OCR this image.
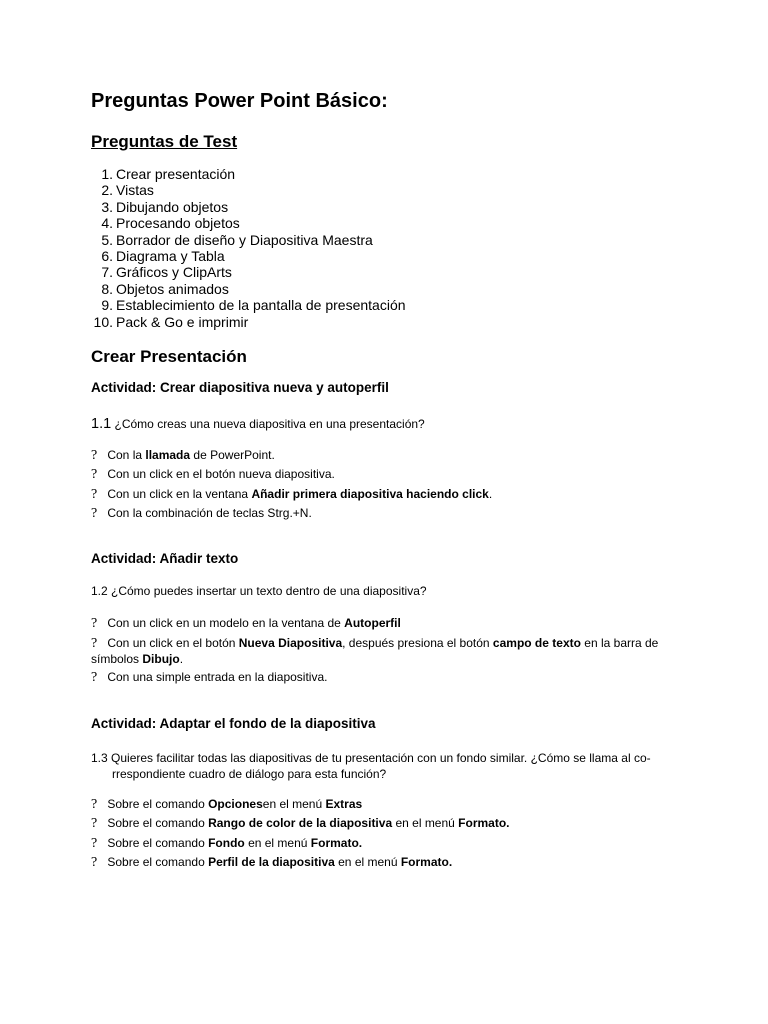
Preguntas Power Point Básico:
Preguntas de Test
1. Crear presentación
2. Vistas
3. Dibujando objetos
4. Procesando objetos
5. Borrador de diseño y Diapositiva Maestra
6. Diagrama y Tabla
7. Gráficos y ClipArts
8. Objetos animados
9. Establecimiento de la pantalla de presentación
10. Pack & Go e imprimir
Crear Presentación
Actividad: Crear diapositiva nueva y autoperfil
1.1 ¿Cómo creas una nueva diapositiva en una presentación?
? Con la llamada de PowerPoint.
? Con un click en el botón nueva diapositiva.
? Con un click en la ventana Añadir primera diapositiva haciendo click.
? Con la combinación de teclas Strg.+N.
Actividad: Añadir texto
1.2 ¿Cómo puedes insertar un texto dentro de una diapositiva?
? Con un click en un modelo en la ventana de Autoperfil
? Con un click en el botón Nueva Diapositiva, después presiona el botón campo de texto en la barra de
símbolos Dibujo.
? Con una simple entrada en la diapositiva.
Actividad: Adaptar el fondo de la diapositiva
1.3 Quieres facilitar todas las diapositivas de tu presentación con un fondo similar. ¿Cómo se llama al co-
rrespondiente cuadro de diálogo para esta función?
? Sobre el comando Opcionesen el menú Extras
? Sobre el comando Rango de color de la diapositiva en el menú Formato.
? Sobre el comando Fondo en el menú Formato.
? Sobre el comando Perfil de la diapositiva en el menú Formato.
